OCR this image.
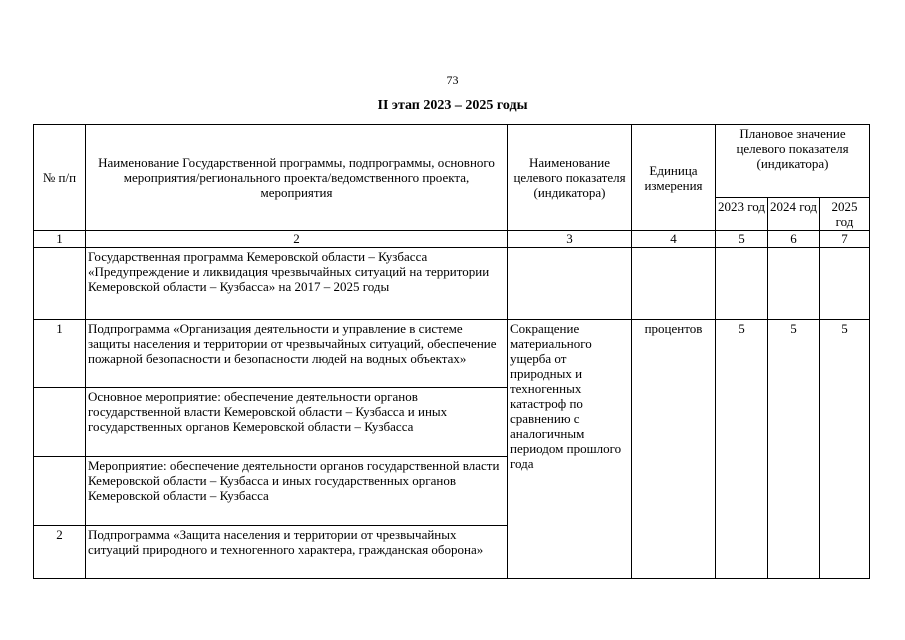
73
II этап 2023 – 2025 годы
№ п/п	Наименование Государственной программы, подпрограммы, основного мероприятия/регионального проекта/ведомственного проекта, мероприятия	Наименование целевого показателя (индикатора)	Единица измерения	Плановое значение целевого показателя (индикатора)		
				2023 год	2024 год	2025 год
1	2	3	4	5	6	7
	Государственная программа Кемеровской области – Кузбасса «Предупреждение и ликвидация чрезвычайных ситуаций на территории Кемеровской области – Кузбасса» на 2017 – 2025 годы					
1	Подпрограмма «Организация деятельности и управление в системе защиты населения и территории от чрезвычайных ситуаций, обеспечение пожарной безопасности и безопасности людей на водных объектах»	Сокращение материального ущерба от природных и техногенных катастроф по сравнению с аналогичным периодом прошлого года	процентов	5	5	5
	Основное мероприятие: обеспечение деятельности органов государственной власти Кемеровской области – Кузбасса и иных государственных органов Кемеровской области – Кузбасса					
	Мероприятие: обеспечение деятельности органов государственной власти Кемеровской области – Кузбасса и иных государственных органов Кемеровской области – Кузбасса					
2	Подпрограмма «Защита населения и территории от чрезвычайных ситуаций природного и техногенного характера, гражданская оборона»					
